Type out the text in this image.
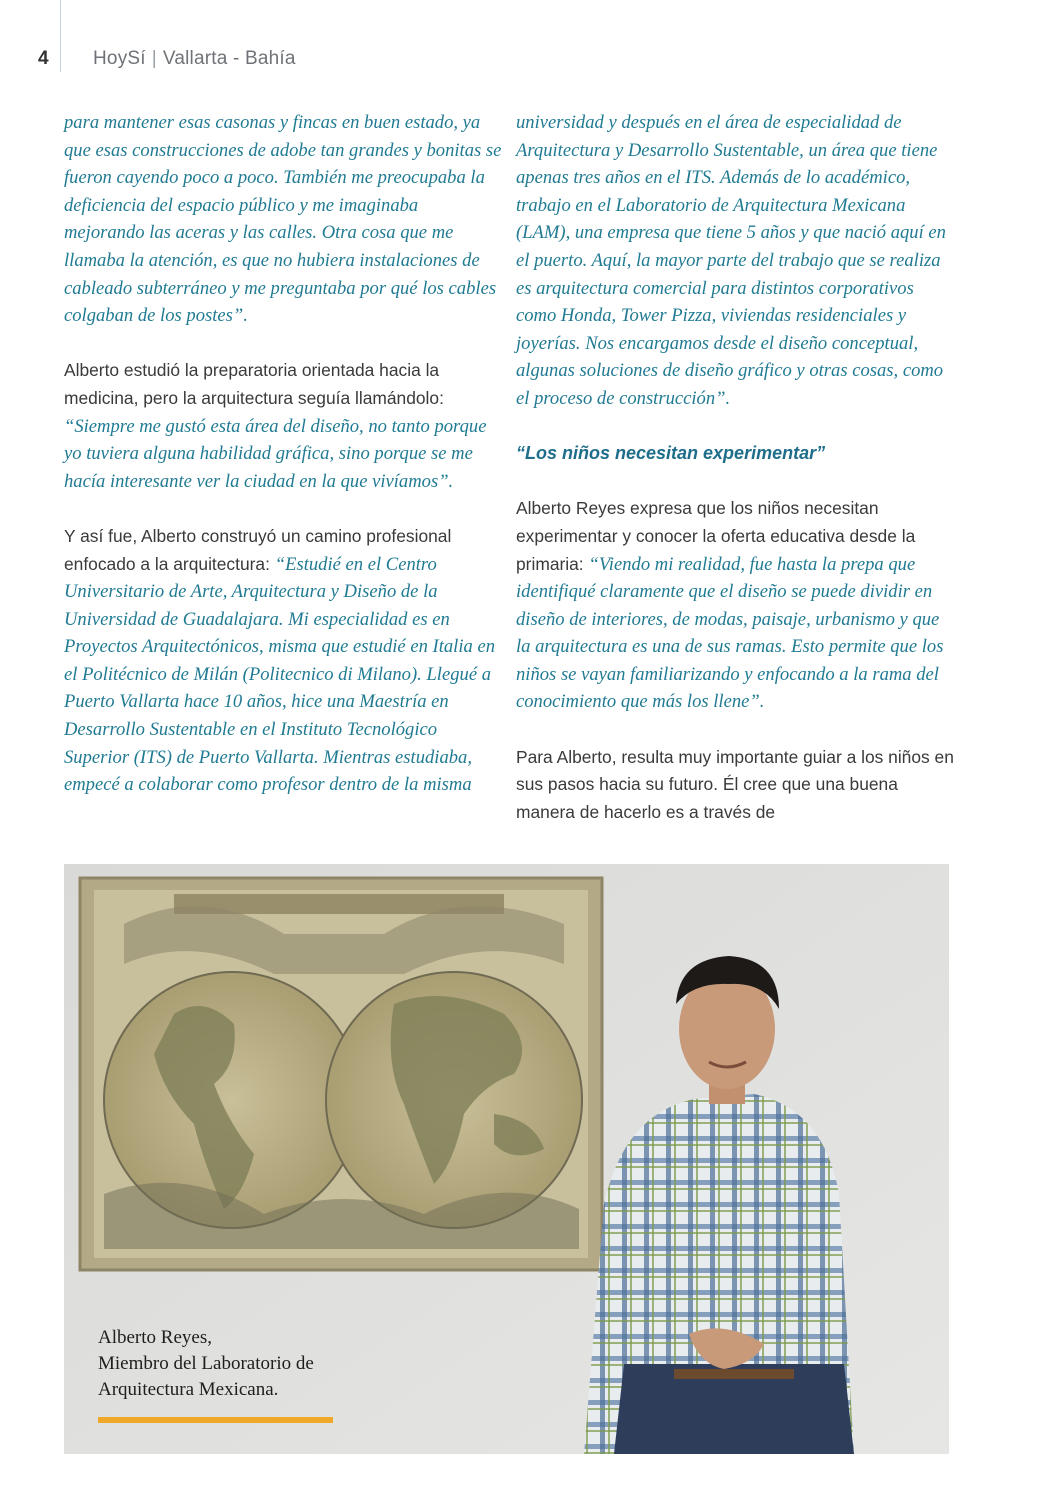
4 HoySí | Vallarta - Bahía

para mantener esas casonas y fincas en buen estado, ya que esas construcciones de adobe tan grandes y bonitas se fueron cayendo poco a poco. También me preocupaba la deficiencia del espacio público y me imaginaba mejorando las aceras y las calles. Otra cosa que me llamaba la atención, es que no hubiera instalaciones de cableado subterráneo y me preguntaba por qué los cables colgaban de los postes”.

Alberto estudió la preparatoria orientada hacia la medicina, pero la arquitectura seguía llamándolo: “Siempre me gustó esta área del diseño, no tanto porque yo tuviera alguna habilidad gráfica, sino porque se me hacía interesante ver la ciudad en la que vivíamos”.

Y así fue, Alberto construyó un camino profesional enfocado a la arquitectura: “Estudié en el Centro Universitario de Arte, Arquitectura y Diseño de la Universidad de Guadalajara. Mi especialidad es en Proyectos Arquitectónicos, misma que estudié en Italia en el Politécnico de Milán (Politecnico di Milano). Llegué a Puerto Vallarta hace 10 años, hice una Maestría en Desarrollo Sustentable en el Instituto Tecnológico Superior (ITS) de Puerto Vallarta. Mientras estudiaba, empecé a colaborar como profesor dentro de la misma

universidad y después en el área de especialidad de Arquitectura y Desarrollo Sustentable, un área que tiene apenas tres años en el ITS. Además de lo académico, trabajo en el Laboratorio de Arquitectura Mexicana (LAM), una empresa que tiene 5 años y que nació aquí en el puerto. Aquí, la mayor parte del trabajo que se realiza es arquitectura comercial para distintos corporativos como Honda, Tower Pizza, viviendas residenciales y joyerías. Nos encargamos desde el diseño conceptual, algunas soluciones de diseño gráfico y otras cosas, como el proceso de construcción”.

“Los niños necesitan experimentar”

Alberto Reyes expresa que los niños necesitan experimentar y conocer la oferta educativa desde la primaria: “Viendo mi realidad, fue hasta la prepa que identifiqué claramente que el diseño se puede dividir en diseño de interiores, de modas, paisaje, urbanismo y que la arquitectura es una de sus ramas. Esto permite que los niños se vayan familiarizando y enfocando a la rama del conocimiento que más los llene”.

Para Alberto, resulta muy importante guiar a los niños en sus pasos hacia su futuro. Él cree que una buena manera de hacerlo es a través de

Alberto Reyes,
Miembro del Laboratorio de
Arquitectura Mexicana.
